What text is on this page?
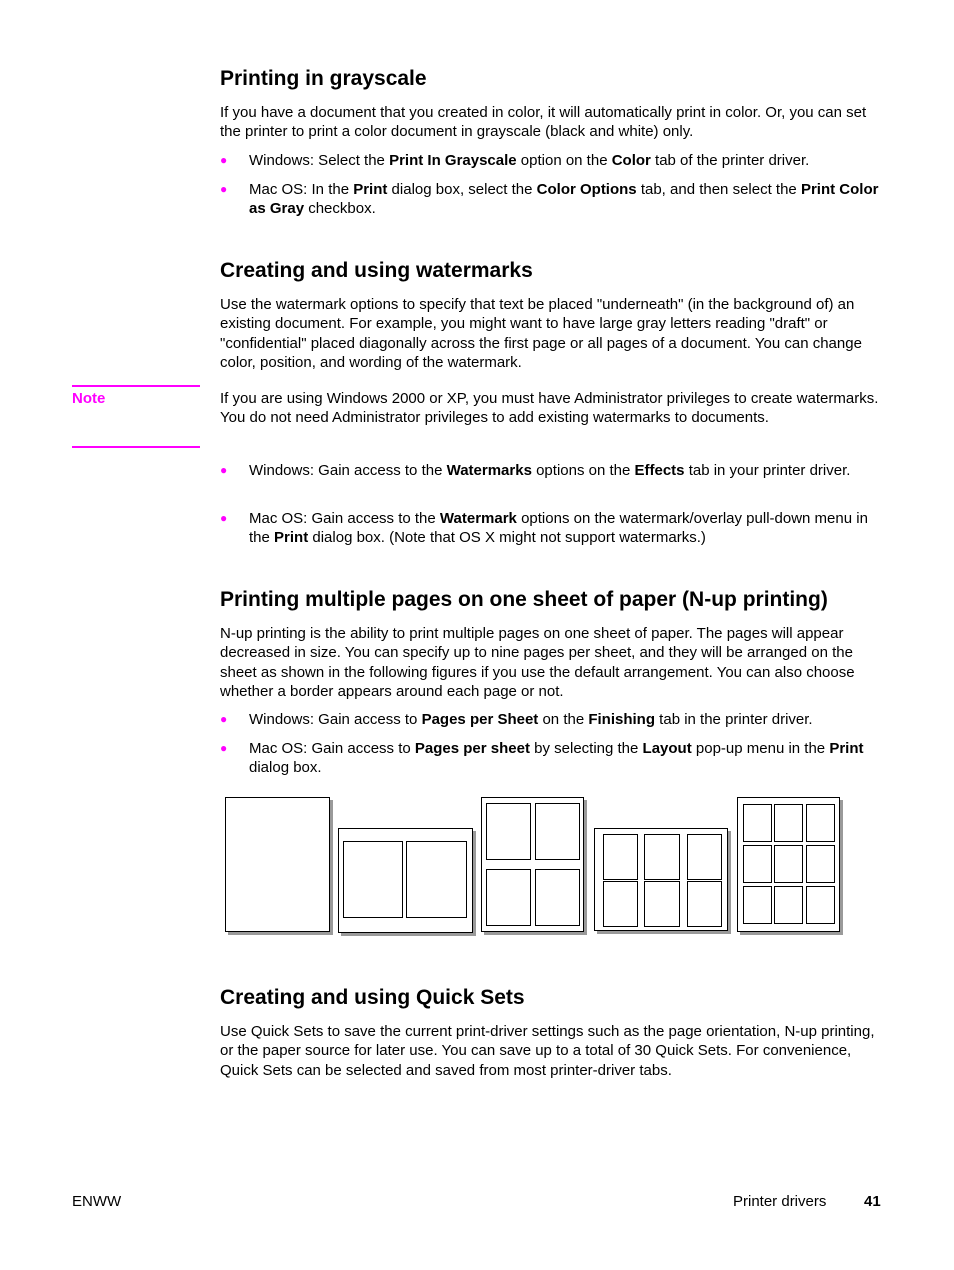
Printing in grayscale

If you have a document that you created in color, it will automatically print in color. Or, you can set the printer to print a color document in grayscale (black and white) only.

● Windows: Select the Print In Grayscale option on the Color tab of the printer driver.
● Mac OS: In the Print dialog box, select the Color Options tab, and then select the Print Color as Gray checkbox.
Creating and using watermarks

Use the watermark options to specify that text be placed "underneath" (in the background of) an existing document. For example, you might want to have large gray letters reading "draft" or "confidential" placed diagonally across the first page or all pages of a document. You can change color, position, and wording of the watermark.

Note	If you are using Windows 2000 or XP, you must have Administrator privileges to create watermarks. You do not need Administrator privileges to add existing watermarks to documents.

● Windows: Gain access to the Watermarks options on the Effects tab in your printer driver.
● Mac OS: Gain access to the Watermark options on the watermark/overlay pull-down menu in the Print dialog box. (Note that OS X might not support watermarks.)
Printing multiple pages on one sheet of paper (N-up printing)

N-up printing is the ability to print multiple pages on one sheet of paper. The pages will appear decreased in size. You can specify up to nine pages per sheet, and they will be arranged on the sheet as shown in the following figures if you use the default arrangement. You can also choose whether a border appears around each page or not.

● Windows: Gain access to Pages per Sheet on the Finishing tab in the printer driver.
● Mac OS: Gain access to Pages per sheet by selecting the Layout pop-up menu in the Print dialog box.
Creating and using Quick Sets

Use Quick Sets to save the current print-driver settings such as the page orientation, N-up printing, or the paper source for later use. You can save up to a total of 30 Quick Sets. For convenience, Quick Sets can be selected and saved from most printer-driver tabs.

ENWW	Printer drivers	41
